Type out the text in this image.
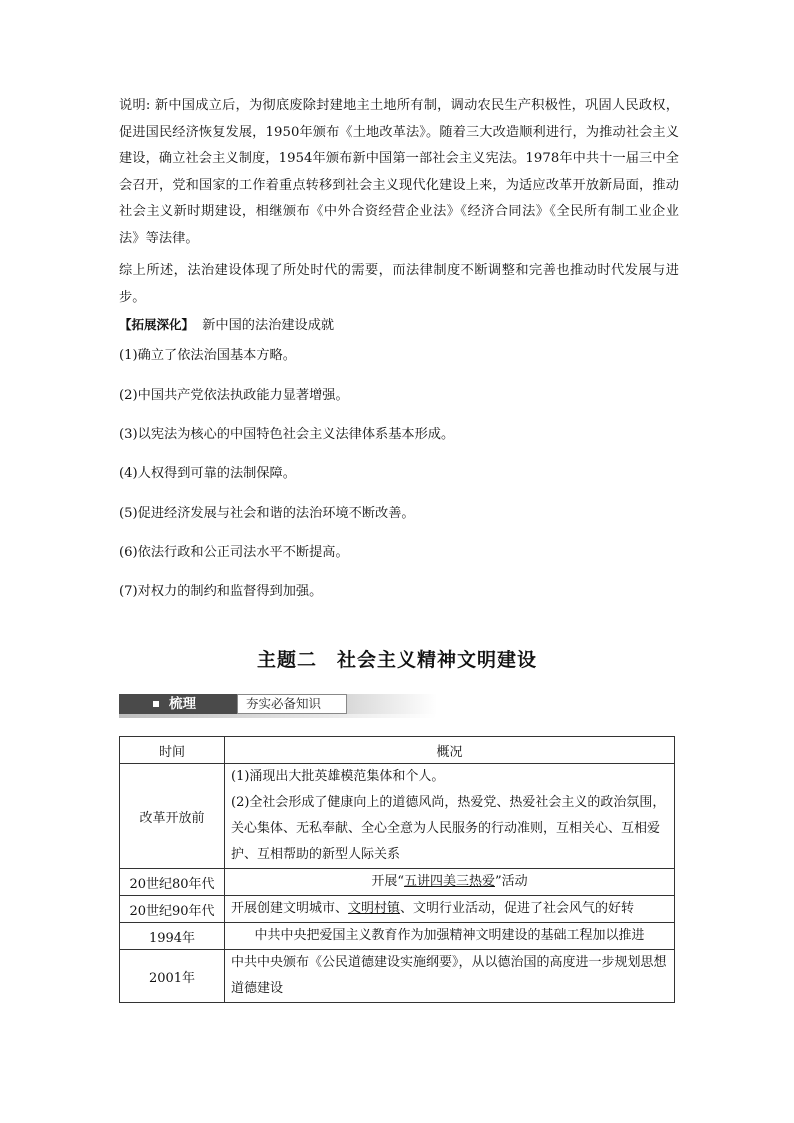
说明: 新中国成立后，为彻底废除封建地主土地所有制，调动农民生产积极性，巩固人民政权，促进国民经济恢复发展，1950年颁布《土地改革法》。随着三大改造顺利进行，为推动社会主义建设，确立社会主义制度，1954年颁布新中国第一部社会主义宪法。1978年中共十一届三中全会召开，党和国家的工作着重点转移到社会主义现代化建设上来，为适应改革开放新局面，推动社会主义新时期建设，相继颁布《中外合资经营企业法》《经济合同法》《全民所有制工业企业法》等法律。
综上所述，法治建设体现了所处时代的需要，而法律制度不断调整和完善也推动时代发展与进步。
【拓展深化】 新中国的法治建设成就
(1)确立了依法治国基本方略。
(2)中国共产党依法执政能力显著增强。
(3)以宪法为核心的中国特色社会主义法律体系基本形成。
(4)人权得到可靠的法制保障。
(5)促进经济发展与社会和谐的法治环境不断改善。
(6)依法行政和公正司法水平不断提高。
(7)对权力的制约和监督得到加强。
主题二　社会主义精神文明建设
梳理	夯实必备知识
时间	概况
改革开放前	(1)涌现出大批英雄模范集体和个人。
(2)全社会形成了健康向上的道德风尚，热爱党、热爱社会主义的政治氛围，关心集体、无私奉献、全心全意为人民服务的行动准则，互相关心、互相爱护、互相帮助的新型人际关系

20世纪80年代	开展“五讲四美三热爱”活动
20世纪90年代	开展创建文明城市、文明村镇、文明行业活动，促进了社会风气的好转
1994年	中共中央把爱国主义教育作为加强精神文明建设的基础工程加以推进
2001年	中共中央颁布《公民道德建设实施纲要》，从以德治国的高度进一步规划思想道德建设
